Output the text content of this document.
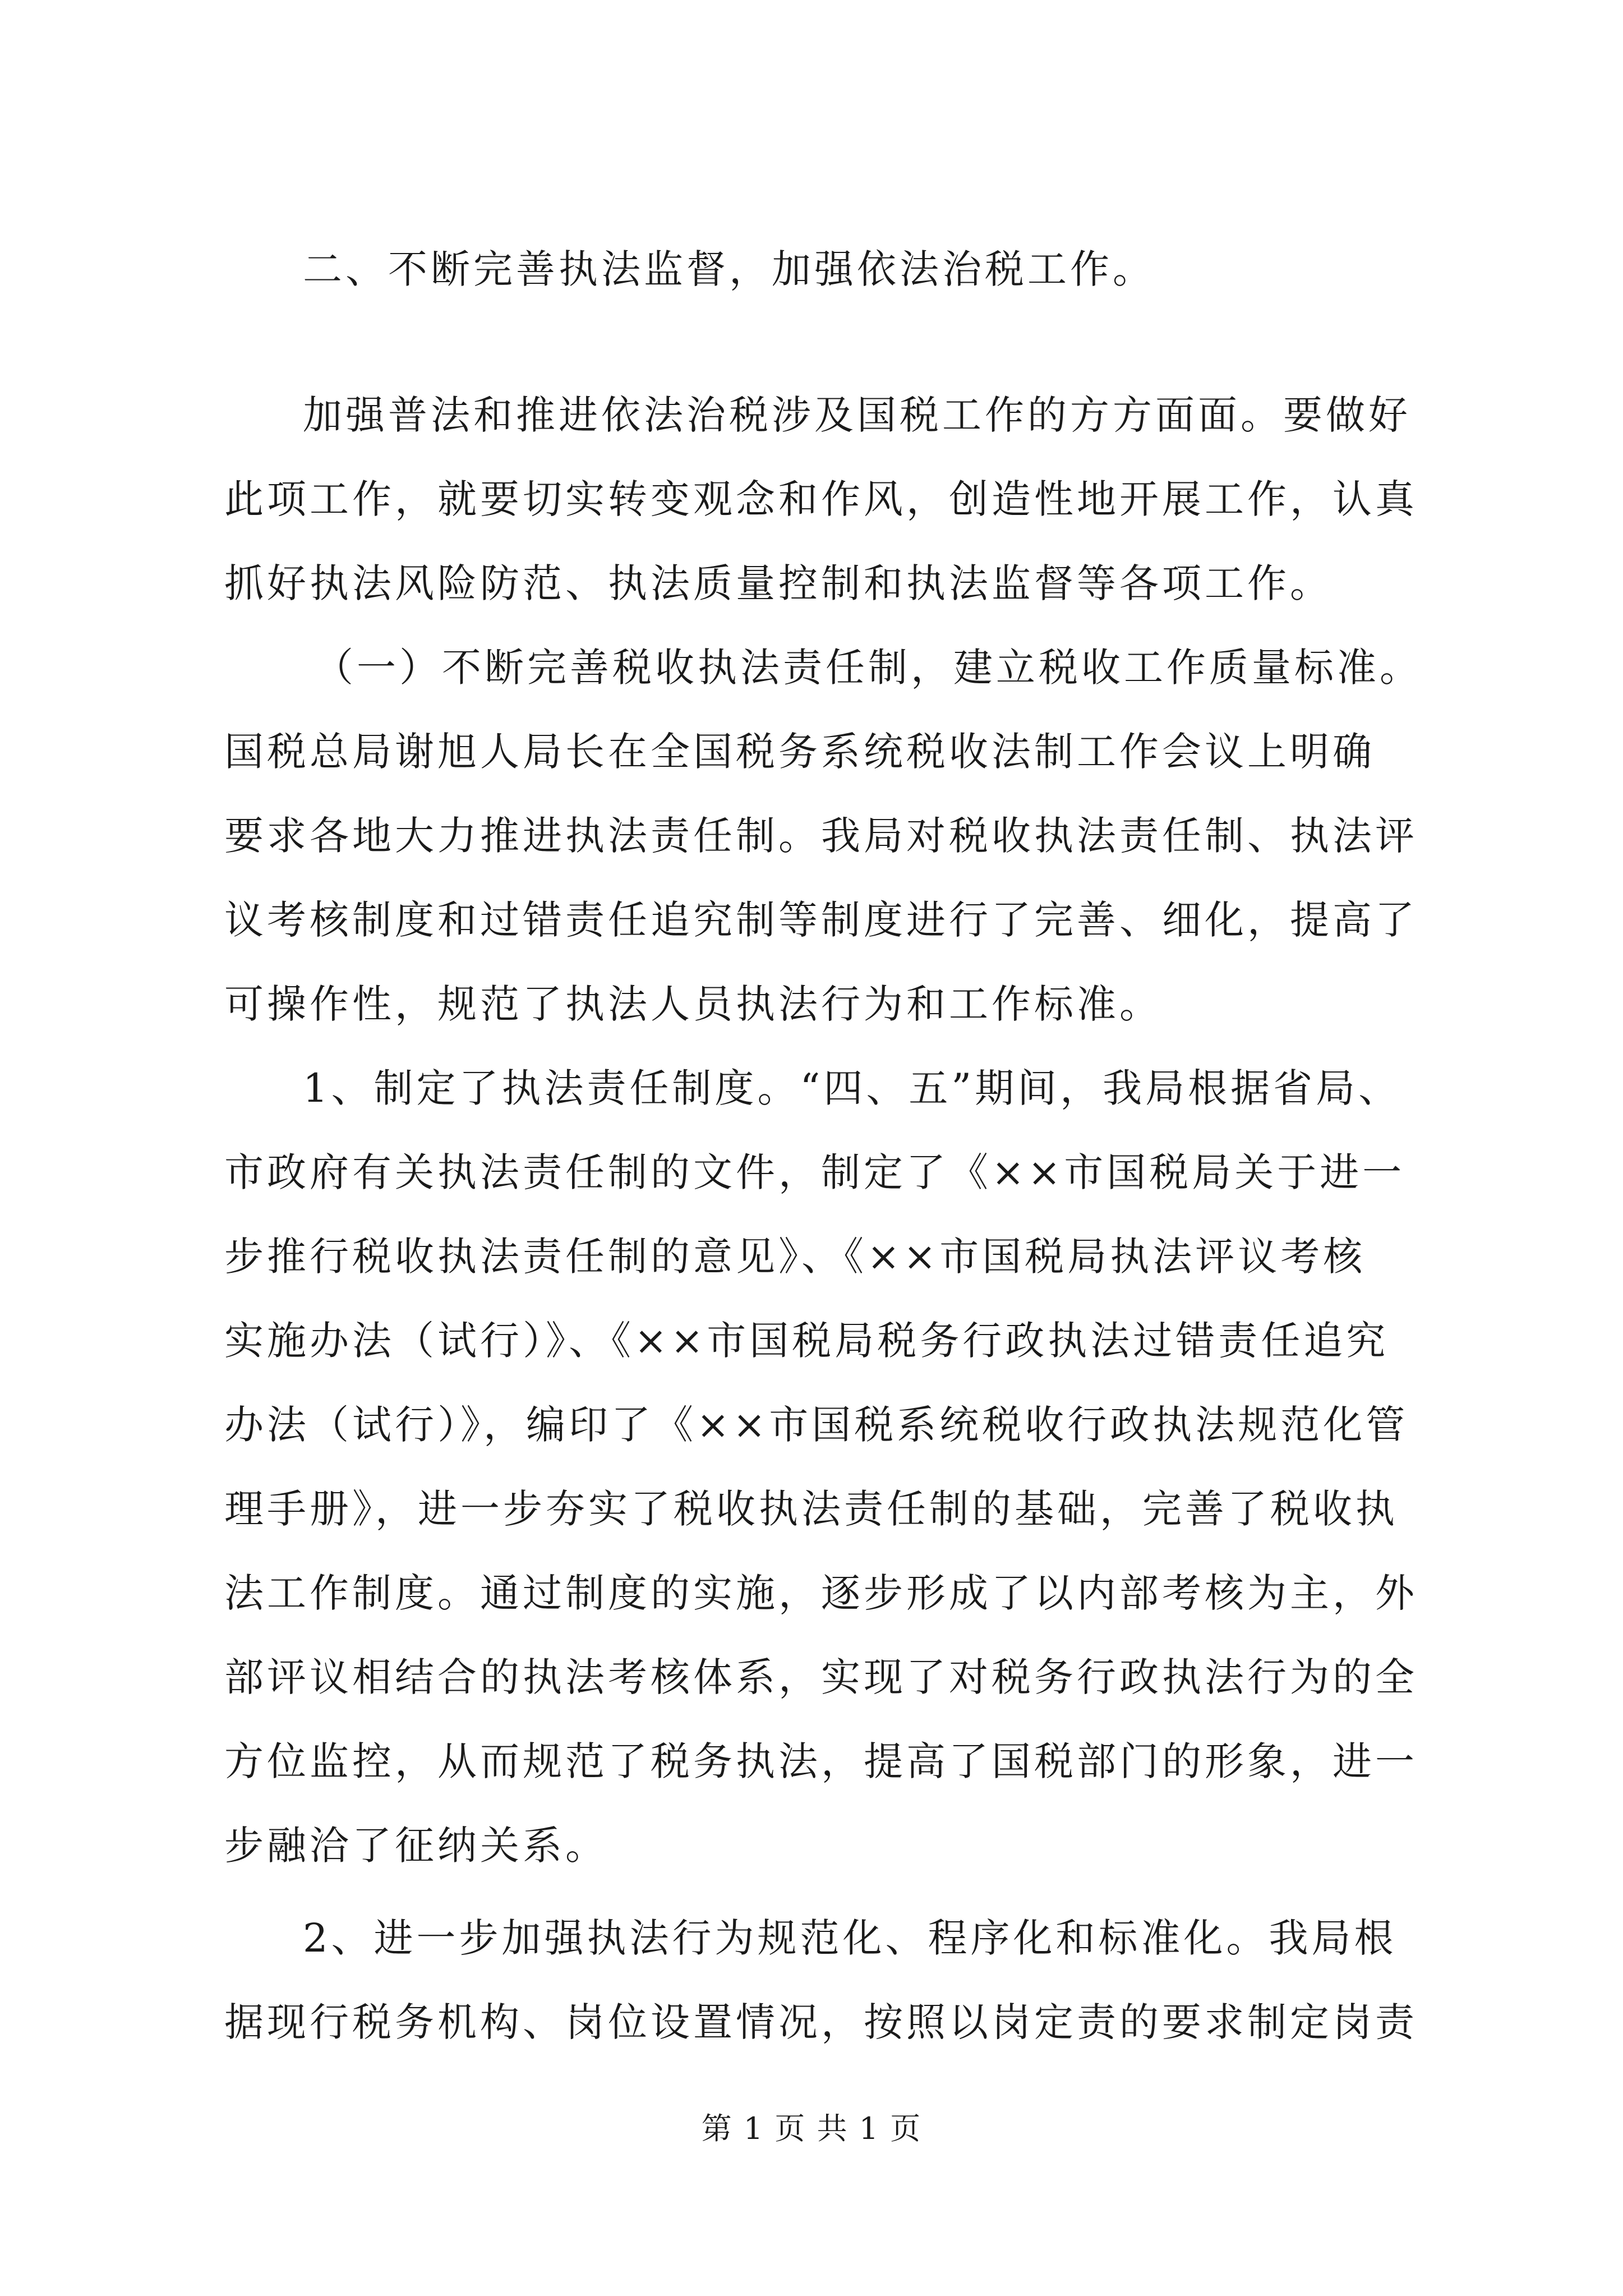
二、不断完善执法监督，加强依法治税工作。
加强普法和推进依法治税涉及国税工作的方方面面。要做好
此项工作，就要切实转变观念和作风，创造性地开展工作，认真
抓好执法风险防范、执法质量控制和执法监督等各项工作。
（一）不断完善税收执法责任制，建立税收工作质量标准。
国税总局谢旭人局长在全国税务系统税收法制工作会议上明确
要求各地大力推进执法责任制。我局对税收执法责任制、执法评
议考核制度和过错责任追究制等制度进行了完善、细化，提高了
可操作性，规范了执法人员执法行为和工作标准。
1、制定了执法责任制度。“四、五”期间，我局根据省局、
市政府有关执法责任制的文件，制定了《××市国税局关于进一
步推行税收执法责任制的意见》、《××市国税局执法评议考核
实施办法（试行）》、《××市国税局税务行政执法过错责任追究
办法（试行）》，编印了《××市国税系统税收行政执法规范化管
理手册》，进一步夯实了税收执法责任制的基础，完善了税收执
法工作制度。通过制度的实施，逐步形成了以内部考核为主，外
部评议相结合的执法考核体系，实现了对税务行政执法行为的全
方位监控，从而规范了税务执法，提高了国税部门的形象，进一
步融洽了征纳关系。
2、进一步加强执法行为规范化、程序化和标准化。我局根
据现行税务机构、岗位设置情况，按照以岗定责的要求制定岗责
第 1 页 共 1 页
